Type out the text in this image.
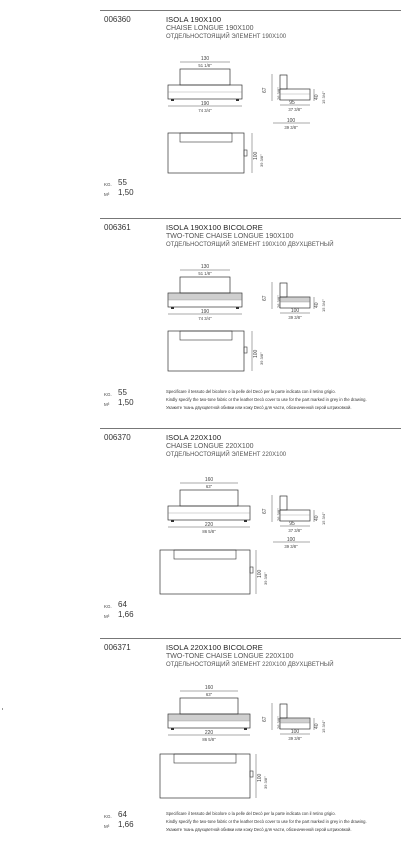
006360	ISOLA 190X100
CHAISE LONGUE 190X100
ОТДЕЛЬНОСТОЯЩИЙ ЭЛЕМЕНТ 190X100
130
51 1/8"
190
74 3/4"
67 26 3/8"	40 15 3/4"
95
37 3/8"
100
39 3/8"
100 39 3/8"
KG. 55
M³ 1,50
006361	ISOLA 190X100 BICOLORE
TWO-TONE CHAISE LONGUE 190X100
ОТДЕЛЬНОСТОЯЩИЙ ЭЛЕМЕНТ 190X100 ДВУХЦВЕТНЫЙ
130
51 1/8"
190
74 3/4"
67 26 3/8"	40 15 3/4"
100
39 3/8"
100 39 3/8"
Specificare il tessuto del bicolore o la pelle del Decò per la parte indicata con il retino grigio.
Kindly specify the two-tone fabric or the leather Decò cover to use for the part marked in grey in the drawing.
Укажите ткань двухцветной обивки или кожу Decò для части, обозначенной серой штриховкой.
KG. 55
M³ 1,50
006370	ISOLA 220X100
CHAISE LONGUE 220X100
ОТДЕЛЬНОСТОЯЩИЙ ЭЛЕМЕНТ 220X100
160
63"
220
86 5/8"
67 26 3/8"	40 15 3/4"
95
37 3/8"
100
39 3/8"
100 39 3/8"
KG. 64
M³ 1,66
006371	ISOLA 220X100 BICOLORE
TWO-TONE CHAISE LONGUE 220X100
ОТДЕЛЬНОСТОЯЩИЙ ЭЛЕМЕНТ 220X100 ДВУХЦВЕТНЫЙ
160
63"
220
86 5/8"
67 26 3/8"	40 15 3/4"
100
39 3/8"
100 39 3/8"
Specificare il tessuto del bicolore o la pelle del Decò per la parte indicata con il retino grigio.
Kindly specify the two-tone fabric or the leather Decò cover to use for the part marked in grey in the drawing.
Укажите ткань двухцветной обивки или кожу Decò для части, обозначенной серой штриховкой.
KG. 64
M³ 1,66
